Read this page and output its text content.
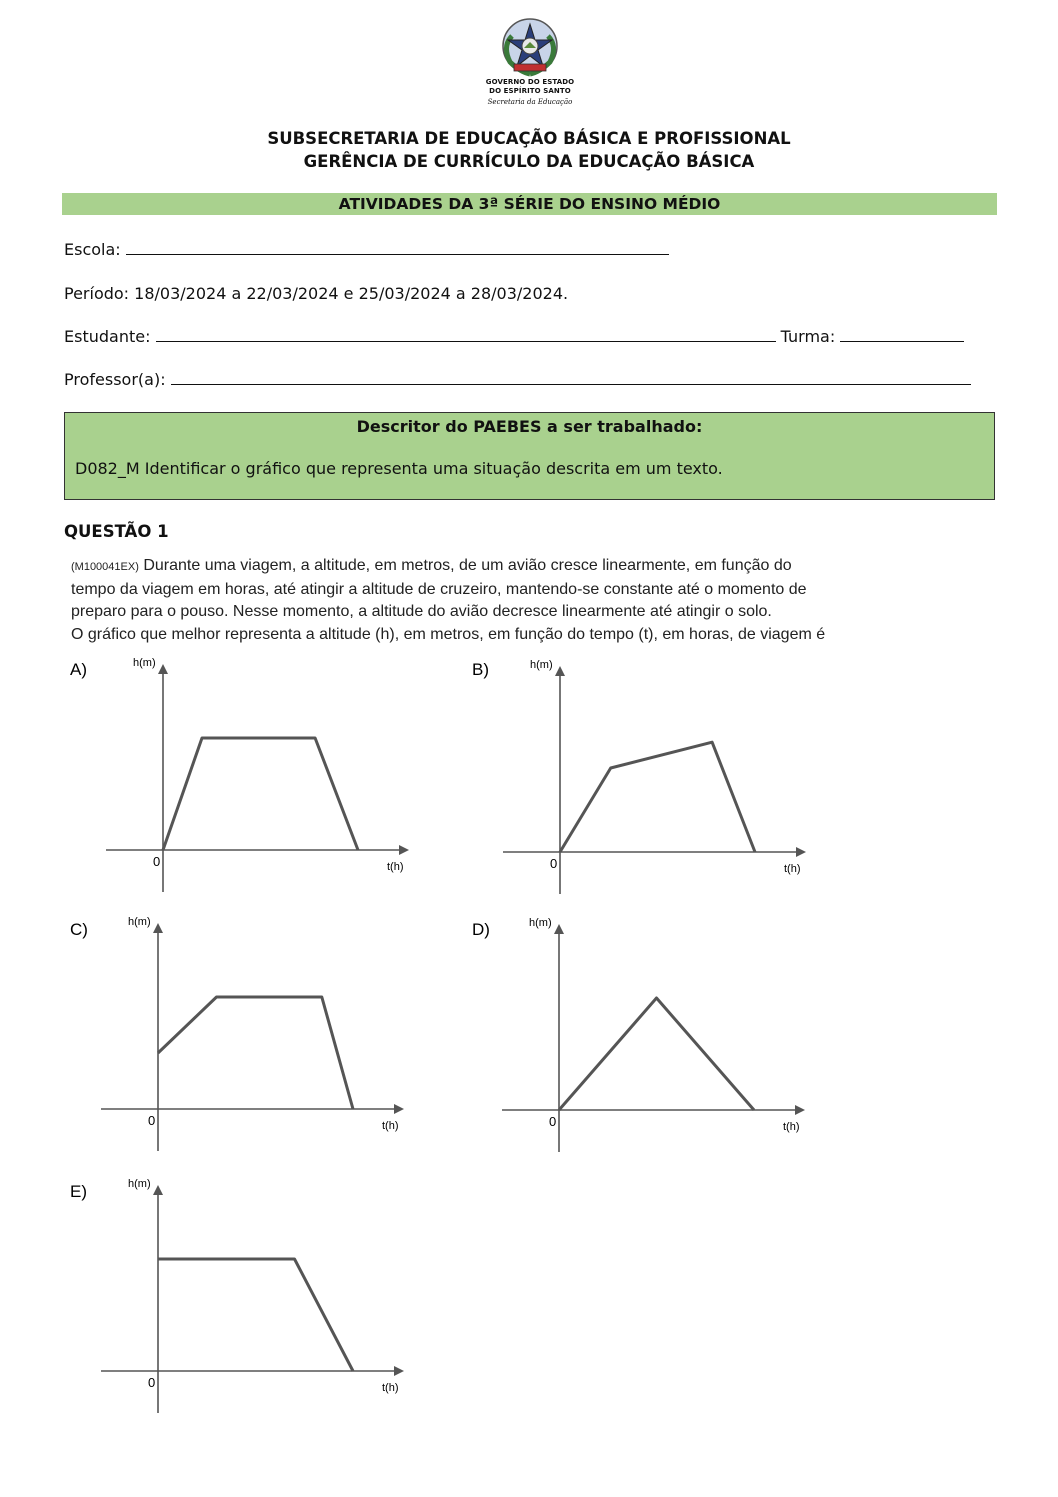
GOVERNO DO ESTADO
DO ESPÍRITO SANTO
Secretaria da Educação
SUBSECRETARIA DE EDUCAÇÃO BÁSICA E PROFISSIONAL
GERÊNCIA DE CURRÍCULO DA EDUCAÇÃO BÁSICA
ATIVIDADES DA 3ª SÉRIE DO ENSINO MÉDIO
Escola:
Período: 18/03/2024 a 22/03/2024 e 25/03/2024 a 28/03/2024.
Estudante:	Turma:
Professor(a):
Descritor do PAEBES a ser trabalhado:
D082_M Identificar o gráfico que representa uma situação descrita em um texto.
QUESTÃO 1
(M100041EX) Durante uma viagem, a altitude, em metros, de um avião cresce linearmente, em função do
tempo da viagem em horas, até atingir a altitude de cruzeiro, mantendo-se constante até o momento de
preparo para o pouso. Nesse momento, a altitude do avião decresce linearmente até atingir o solo.
O gráfico que melhor representa a altitude (h), em metros, em função do tempo (t), em horas, de viagem é
A)	h(m)
t(h)
0
B)	h(m)
t(h)
0
C)	h(m)
t(h)
0
D)	h(m)
t(h)
0
E)	h(m)
t(h)
0
